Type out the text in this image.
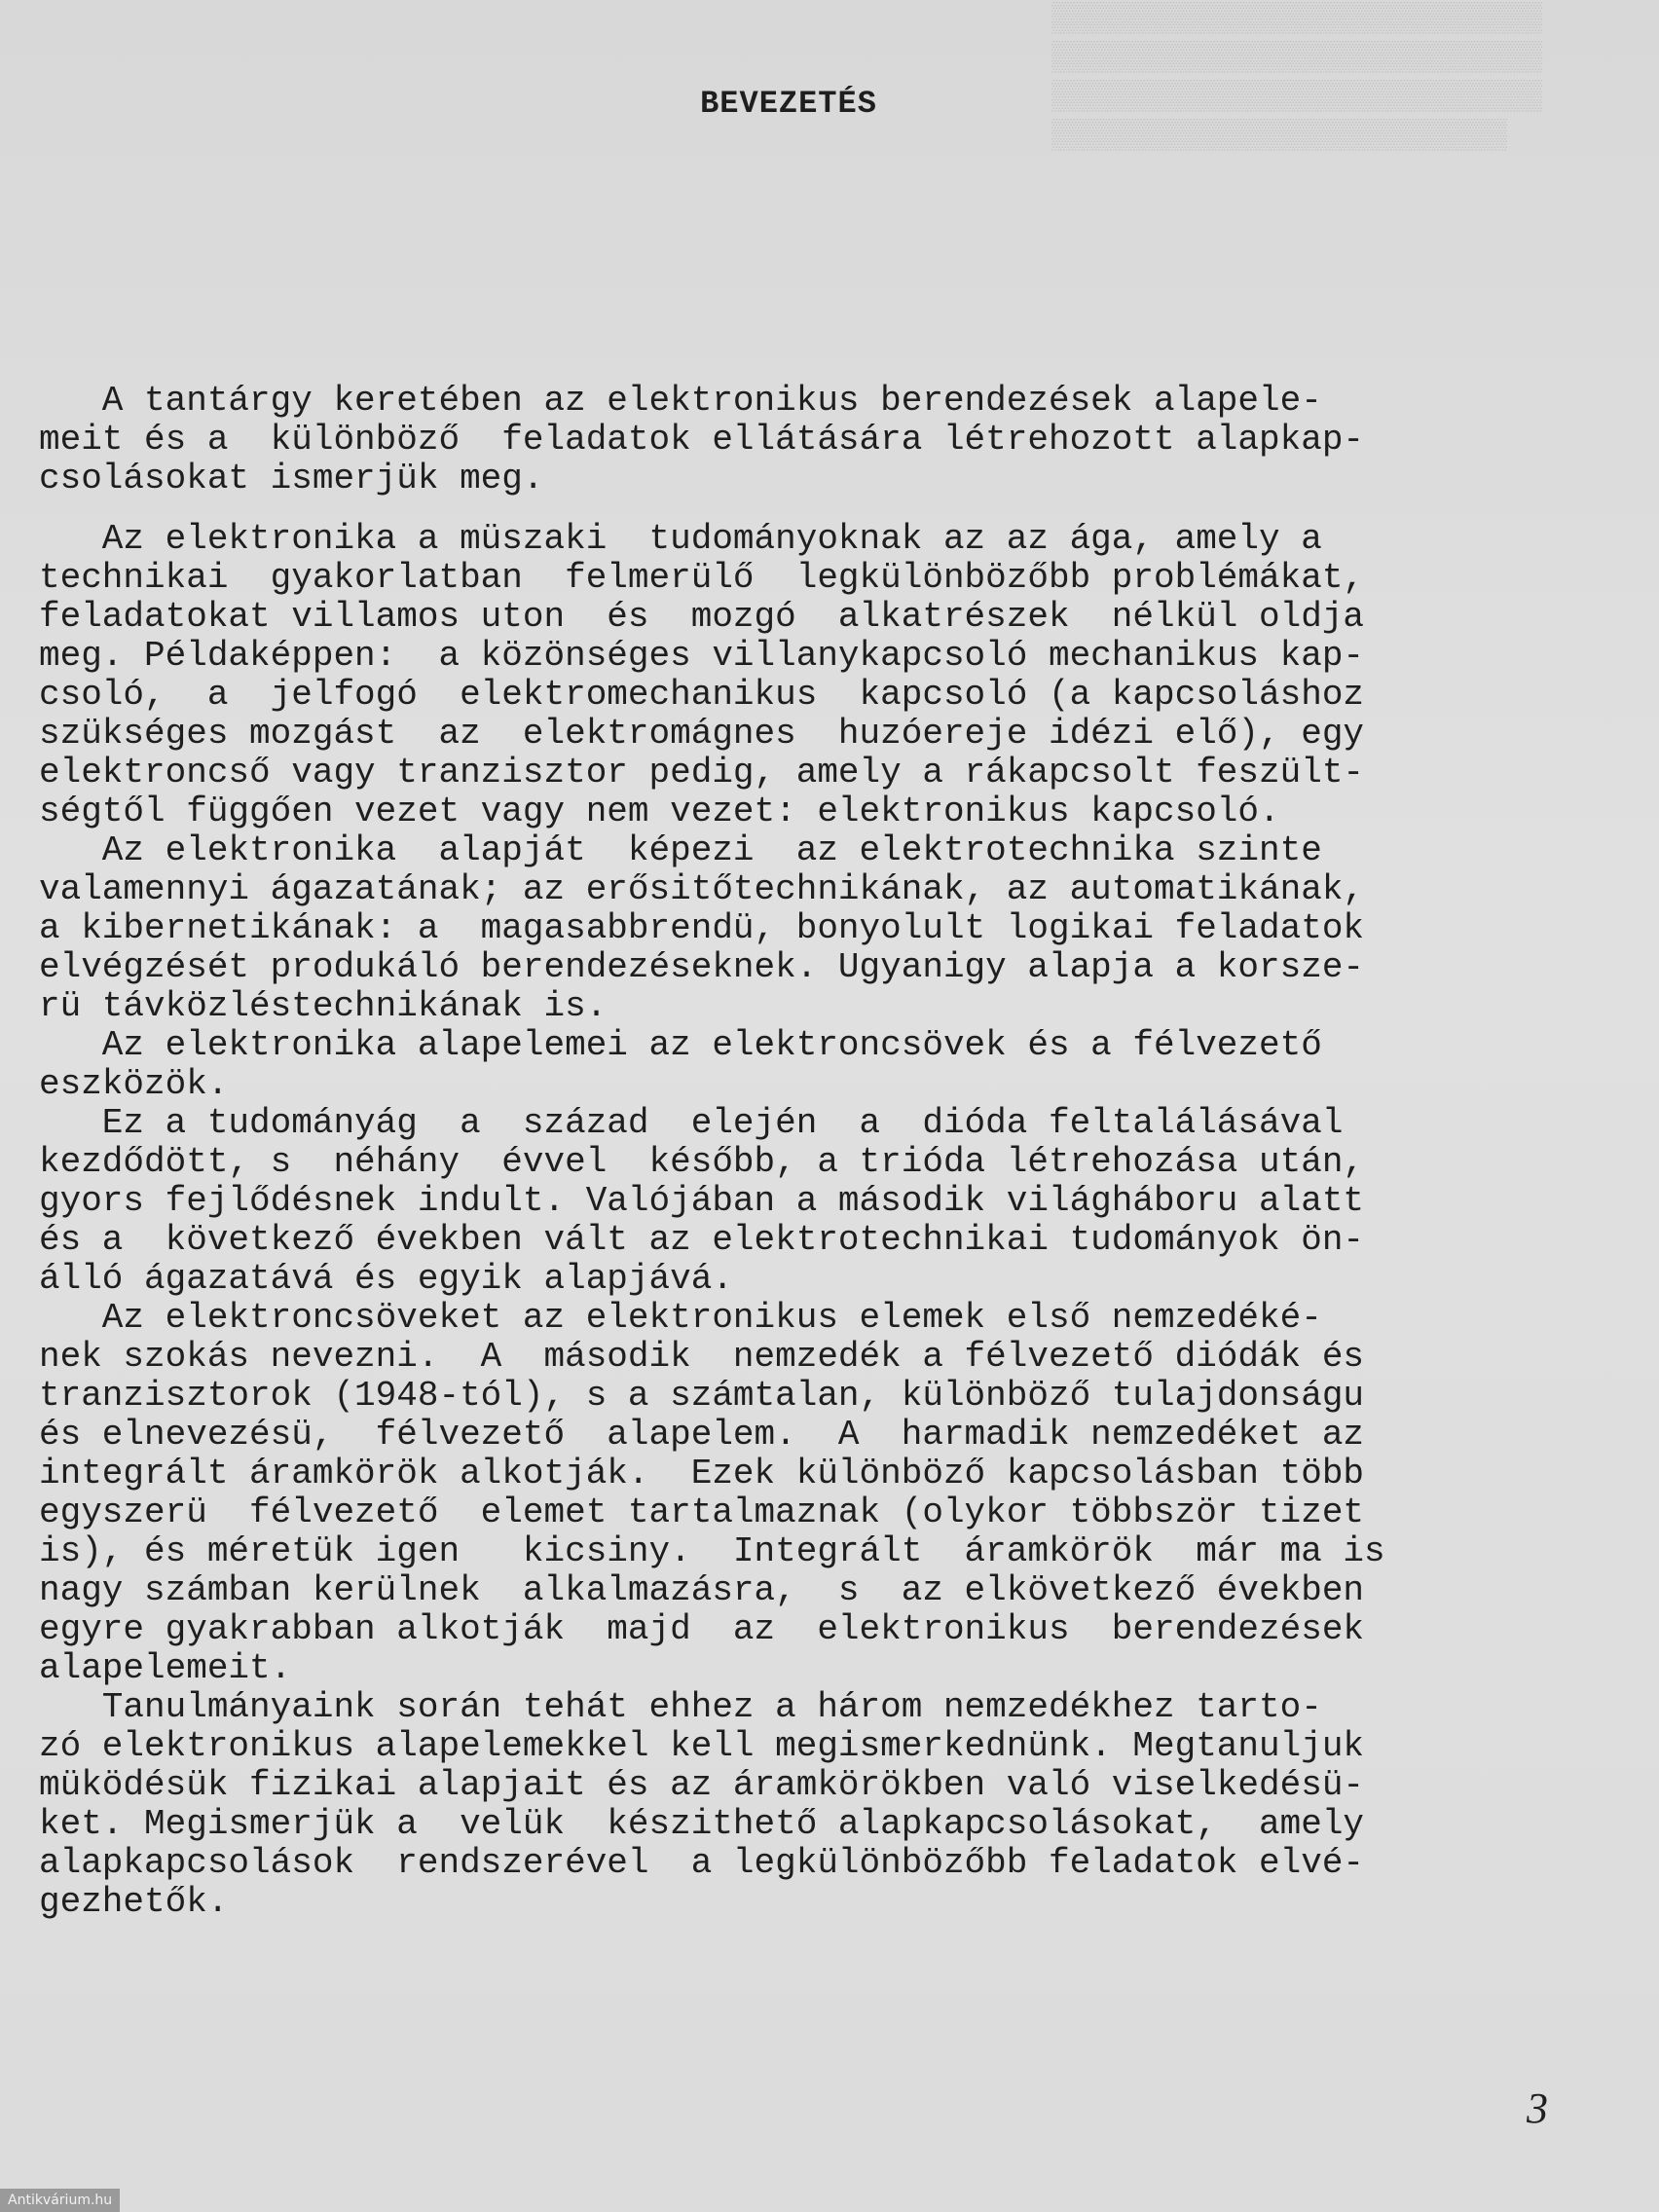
▒▒▒▒▒▒▒▒▒▒▒▒▒▒▒▒▒▒▒▒▒▒▒▒▒▒▒▒
▒▒▒▒▒▒▒▒▒▒▒▒▒▒▒▒▒▒▒▒▒▒▒▒▒▒▒▒
▒▒▒▒▒▒▒▒▒▒▒▒▒▒▒▒▒▒▒▒▒▒▒▒▒▒▒▒
▒▒▒▒▒▒▒▒▒▒▒▒▒▒▒▒▒▒▒▒▒▒▒▒▒▒
BEVEZETÉS
A tantárgy keretében az elektronikus berendezések alapele-
meit és a  különböző  feladatok ellátására létrehozott alapkap-
csolásokat ismerjük meg.
Az elektronika a müszaki  tudományoknak az az ága, amely a
technikai  gyakorlatban  felmerülő  legkülönbözőbb problémákat,
feladatokat villamos uton  és  mozgó  alkatrészek  nélkül oldja
meg. Példaképpen:  a közönséges villanykapcsoló mechanikus kap-
csoló,  a  jelfogó  elektromechanikus  kapcsoló (a kapcsoláshoz
szükséges mozgást  az  elektromágnes  huzóereje idézi elő), egy
elektroncső vagy tranzisztor pedig, amely a rákapcsolt feszült-
ségtől függően vezet vagy nem vezet: elektronikus kapcsoló.
Az elektronika  alapját  képezi  az elektrotechnika szinte
valamennyi ágazatának; az erősitőtechnikának, az automatikának,
a kibernetikának: a  magasabbrendü, bonyolult logikai feladatok
elvégzését produkáló berendezéseknek. Ugyanigy alapja a korsze-
rü távközléstechnikának is.
Az elektronika alapelemei az elektroncsövek és a félvezető
eszközök.
Ez a tudományág  a  század  elején  a  dióda feltalálásával
kezdődött, s  néhány  évvel  később, a trióda létrehozása után,
gyors fejlődésnek indult. Valójában a második világháboru alatt
és a  következő években vált az elektrotechnikai tudományok ön-
álló ágazatává és egyik alapjává.
Az elektroncsöveket az elektronikus elemek első nemzedéké-
nek szokás nevezni.  A  második  nemzedék a félvezető diódák és
tranzisztorok (1948-tól), s a számtalan, különböző tulajdonságu
és elnevezésü,  félvezető  alapelem.  A  harmadik nemzedéket az
integrált áramkörök alkotják.  Ezek különböző kapcsolásban több
egyszerü  félvezető  elemet tartalmaznak (olykor többször tizet
is), és méretük igen   kicsiny.  Integrált  áramkörök  már ma is
nagy számban kerülnek  alkalmazásra,  s  az elkövetkező években
egyre gyakrabban alkotják  majd  az  elektronikus  berendezések
alapelemeit.
Tanulmányaink során tehát ehhez a három nemzedékhez tarto-
zó elektronikus alapelemekkel kell megismerkednünk. Megtanuljuk
müködésük fizikai alapjait és az áramkörökben való viselkedésü-
ket. Megismerjük a  velük  készithető alapkapcsolásokat,  amely
alapkapcsolások  rendszerével  a legkülönbözőbb feladatok elvé-
gezhetők.
3
Antikvárium.hu
